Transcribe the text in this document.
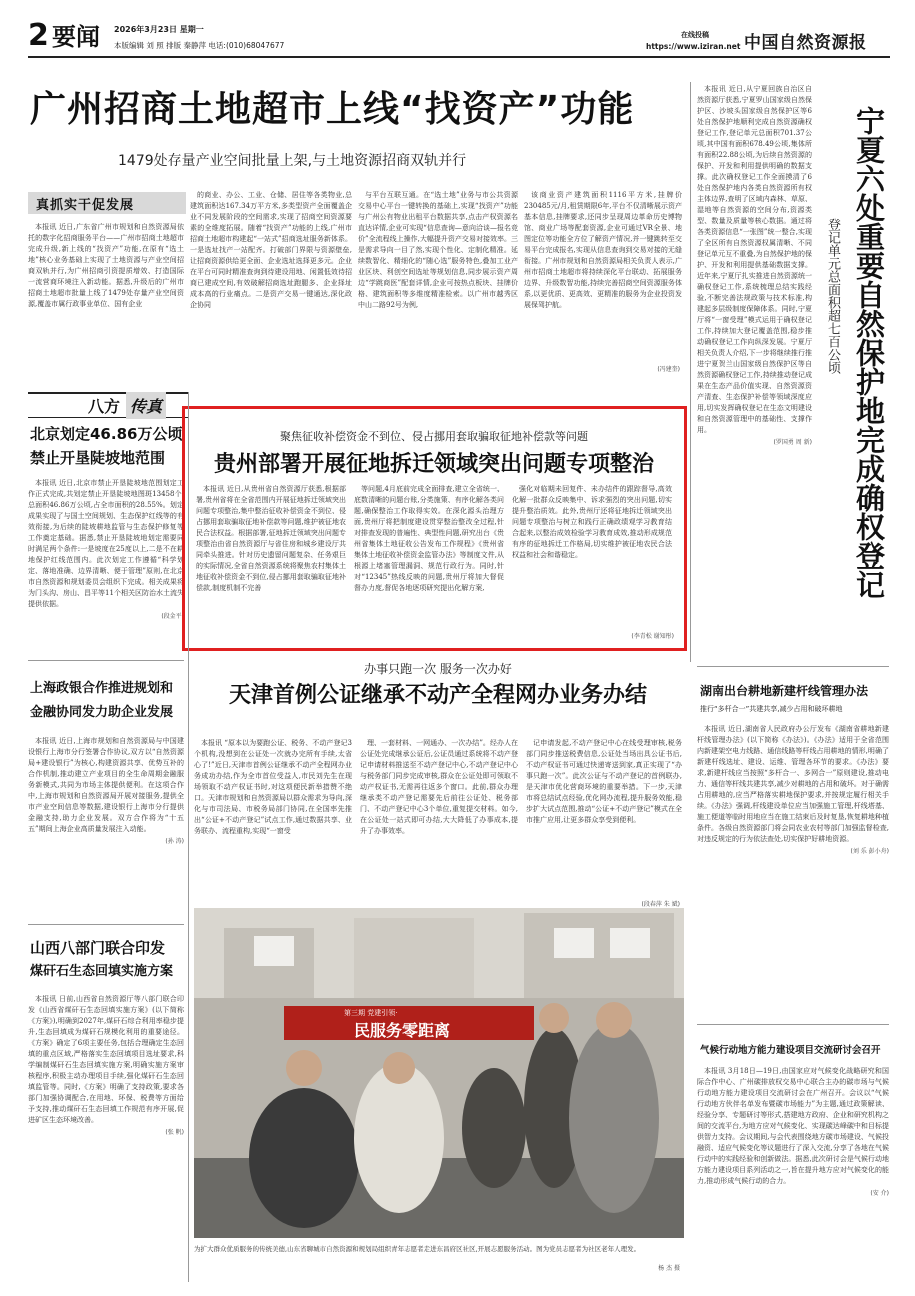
2 要闻 2026年3月23日 星期一
本版编辑 刘 照 排版 秦静萍 电话:(010)68047677
在线投稿
https://www.iziran.net 中国自然资源报
广州招商土地超市上线“找资产”功能
1479处存量产业空间批量上架,与土地资源招商双轨并行
真抓实干促发展

本报讯 近日,广东省广州市规划和自然资源局依托的数字化招商服务平台——广州市招商土地超市完成升级,新上线的“找资产”功能,在原有“选土地”核心业务基础上实现了土地资源与产业空间招商双轨并行,为广州招商引资提质增效、打造国际一流营商环境注入新动能。据悉,升级后的广州市招商土地超市批量上线了1479处存量产业空间资源,覆盖市属行政事业单位、国有企业

的商业、办公、工业、仓储、居住等各类物业,总建筑面积达167.34万平方米,多类型资产全面覆盖企业不同发展阶段的空间需求,实现了招商空间资源要素的全维度拓展。随着“找资产”功能的上线,广州市招商土地超市构建起“一站式”招商选址服务新体系。一是选址找产一站配齐。打破部门界限与资源壁垒,让招商资源供给更全面、企业选址选择更多元。企业在平台可同时精准查询到待建设用地、闲置低效待招商已建成空间,有效破解招商选址跑腿多、企业择址成本高的行业痛点。二是资产交易一键通达,深化政企协同

与平台互联互通。在“选土地”业务与市公共资源交易中心平台一键转换的基础上,实现“找资产”功能与广州公有物业出租平台数据共享,点击产权资源名直达详情,企业可实现“信息查询—意向洽谈—报名竞价”全流程线上操作,大幅提升资产交易对接效率。三是需求导向一目了然,实现个性化、定制化精准。延续数智化、精细化的“随心选”服务特色,叠加工业产业区块、利创空间选址等规划信息,同步展示资产周边“学跳商医”配套详情,企业可按热点板块、挂牌价格、建筑面积等多维度精准检索。以广州市越秀区中山二路92号为例,

该商业资产建筑面积1116平方米,挂牌价230485元/月,租赁期限6年,平台不仅清晰展示资产基本信息,挂牌要求,还同步呈现周边革命历史博物馆、商业广场等配套资源,企业可通过VR全景、地图定位等功能全方位了解资产情况,并一键跳转至交易平台完成报名,实现从信息查询到交易对接的无缝衔接。广州市规划和自然资源局相关负责人表示,广州市招商土地超市将持续深化平台联动、拓展服务边界、升级数智功能,持续完善招商空间资源服务体系,以更优质、更高效、更精准的服务为企业投资发展保驾护航。

(冯建奎)

本报讯 近日,从宁夏回族自治区自然资源厅获悉,宁夏罗山国家级自然保护区、沙坡头国家级自然保护区等6处自然保护地顺利完成自然资源确权登记工作,登记单元总面积701.37公顷,其中国有面积678.49公顷,集体所有面积22.88公顷,为后续自然资源的保护、开发和利用提供明确的数据支撑。此次确权登记工作全面摸清了6处自然保护地内各类自然资源所有权主体边界,查明了区域内森林、草原、湿地等自然资源的空间分布,资源类型、数量及质量等核心数据。通过将各类资源信息“一张图”统一整合,实现了全区所有自然资源权属清晰、不同登记单元互不重叠,为自然保护地的保护、开发和利用提供基础数据支撑。近年来,宁夏厅扎实推进自然资源统一确权登记工作,系统梳理总结实践经验,不断完善法规政策与技术标准,构建起多层级制度保障体系。同时,宁夏厅将“一窗受理”模式运用于确权登记工作,持续加大登记覆盖范围,稳步推动确权登记工作向纵深发展。宁夏厅相关负责人介绍,下一步将继续推行推进宁夏贺兰山国家级自然保护区等自然资源确权登记工作,持续推动登记成果在生态产品价值实现、自然资源资产清查、生态保护补偿等领域深度应用,切实发挥确权登记在生态文明建设和自然资源管理中的基础性、支撑作用。

(罗国勇 周 新) 宁夏六处重要自然保护地完成确权登记
登记单元总面积超七百公顷
八方 传真
北京划定46.86万公顷
禁止开垦陡坡地范围

本报讯 近日,北京市禁止开垦陡坡地范围划定工作正式完成,共划定禁止开垦陡坡地图斑13458个,总面积46.86万公顷,占全市面积的28.55%。划定成果实现了与国土空间规划、生态保护红线等的有效衔接,为后续的陡坡耕地监管与生态保护修复等工作奠定基础。据悉,禁止开垦陡坡地划定需要同时满足两个条件:一是坡度在25度以上,二是不在耕地保护红线范围内。此次划定工作遵循“科学划定、落地准确、边界清晰、便于管理”原则,在北京市自然资源和规划委员会组织下完成。相关成果将为门头沟、房山、昌平等11个相关区防治水土流失提供依据。

(段金平)
上海政银合作推进规划和
金融协同发力助企业发展

本报讯 近日,上海市规划和自然资源局与中国建设银行上海市分行签署合作协议,双方以“自然资源局+建设银行”为核心,构建资源共享、优势互补的合作机制,推动建立产业项目的全生命周期金融服务新模式,共同为市场主体提供便利。在这项合作中,上海市规划和自然资源局开展对接服务,提供全市产业空间信息等数据,建设银行上海市分行提供金融支持,助力企业发展。双方合作将为“十五五”期间上海企业高质量发展注入动能。

(孙 涛)
山西八部门联合印发
煤矸石生态回填实施方案

本报讯 日前,山西省自然资源厅等八部门联合印发《山西省煤矸石生态回填实施方案》(以下简称《方案》),明确到2027年,煤矸石综合利用率稳步提升,生态回填成为煤矸石规模化利用的重要途径。《方案》确定了6项主要任务,包括合理确定生态回填的重点区域,严格落实生态回填项目选址要求,科学编制煤矸石生态回填实施方案,明确实施方案审核程序,积极主动办理项目手续,强化煤矸石生态回填监管等。同时,《方案》明确了支持政策,要求各部门加强协调配合,在用地、环保、税费等方面给予支持,推动煤矸石生态回填工作规范有序开展,促进矿区生态环境改善。

(张 帆)
聚焦征收补偿资金不到位、侵占挪用套取骗取征地补偿款等问题
贵州部署开展征地拆迁领域突出问题专项整治

本报讯 近日,从贵州省自然资源厅获悉,根据部署,贵州省将在全省范围内开展征地拆迁领域突出问题专项整治,集中整治征收补偿资金不到位、侵占挪用套取骗取征地补偿款等问题,维护被征地农民合法权益。根据部署,征地拆迁领域突出问题专项整治由省自然资源厅与省住房和城乡建设厅共同牵头推进。针对历史遗留问题复杂、任务艰巨的实际情况,全省自然资源系统将聚焦农村集体土地征收补偿资金不到位,侵占挪用套取骗取征地补偿款,制度机制不完善

等问题,4月底前完成全面排查,建立全省统一、底数清晰的问题台账,分类施策、有序化解各类问题,确保整治工作取得实效。在深化源头治理方面,贵州厅将把制度建设贯穿整治整改全过程,针对排查发现的普遍性、典型性问题,研究出台《贵州省集体土地征收公告发布工作规程》《贵州省集体土地征收补偿资金监管办法》等制度文件,从根源上堵塞管理漏洞、规范行政行为。同时,针对“12345”热线反映的问题,贵州厅将加大督促督办力度,督促各地逐项研究提出化解方案,

强化对临期未回复件、未办结件的跟踪督导,高效化解一批群众反映集中、诉求强烈的突出问题,切实提升整治质效。此外,贵州厅还将征地拆迁领域突出问题专项整治与树立和践行正确政绩观学习教育结合起来,以整治成效检验学习教育成效,推动形成规范有序的征地拆迁工作格局,切实维护被征地农民合法权益和社会和谐稳定。

(李青松 谢知彤)
办事只跑一次 服务一次办好
天津首例公证继承不动产全程网办业务办结

本报讯 “原本以为要跑公证、税务、不动产登记3个机构,没想到在公证处一次就办完所有手续,太省心了!”近日,天津市首例公证继承不动产全程网办业务成功办结,作为全市首位受益人,市民刘先生在现场领取不动产权证书时,对这项便民新举措赞不绝口。天津市规划和自然资源局以群众需求为导向,深化与市司法局、市税务局部门协同,在全国率先推出“公证+不动产登记”试点工作,通过数据共享、业务联办、流程重构,实现“一窗受

理、一套材料、一网通办、一次办结”。经办人在公证处完成继承公证后,公证员通过系统将不动产登记申请材料推送至不动产登记中心,不动产登记中心与税务部门同步完成审核,群众在公证处即可领取不动产权证书,无需再往返多个窗口。此前,群众办理继承类不动产登记需要先后前往公证处、税务部门、不动产登记中心3个单位,重复提交材料。如今,在公证处一站式即可办结,大大降低了办事成本,提升了办事效率。

记申请发起,不动产登记中心在线受理审核,税务部门同步推送税费信息,公证处当场出具公证书后,不动产权证书可通过快递寄送到家,真正实现了“办事只跑一次”。此次公证与不动产登记的首例联办,是天津市优化营商环境的重要举措。下一步,天津市将总结试点经验,优化网办流程,提升服务效能,稳步扩大试点范围,推动“公证+不动产登记”模式在全市推广应用,让更多群众享受到便利。

(段春萍 朱 斌)
第三期 党建引领·
民服务零距离

为扩大群众优质服务的传统美德,山东省聊城市自然资源和规划局组织青年志愿者走进东昌府区社区,开展志愿服务活动。图为党员志愿者为社区老年人理发。

杨 杰 摄
湖南出台耕地新建杆线管理办法
推行“多杆合一”共建共享,减少占用和破坏耕地

本报讯 近日,湖南省人民政府办公厅发布《湖南省耕地新建杆线管理办法》(以下简称《办法》)。《办法》适用于全省范围内新建架空电力线路、通信线路等杆线占用耕地的情形,明确了新建杆线选址、建设、运维、管理各环节的要求。《办法》要求,新建杆线应当按照“多杆合一、多网合一”原则建设,推动电力、通信等杆线共建共享,减少对耕地的占用和破坏。对于确需占用耕地的,应当严格落实耕地保护要求,并按规定履行相关手续。《办法》强调,杆线建设单位应当加强施工管理,杆线塔基、施工便道等临时用地应当在施工结束后及时复垦,恢复耕地种植条件。各级自然资源部门将会同农业农村等部门加强监督检查,对违反规定的行为依法查处,切实保护好耕地资源。

(刘 乐 彭小舟)
气候行动地方能力建设项目交流研讨会召开

本报讯 3月18日—19日,由国家应对气候变化战略研究和国际合作中心、广州碳排放权交易中心联合主办的碳市场与气候行动地方能力建设项目交流研讨会在广州召开。会议以“气候行动地方伙伴名单发布暨碳市场能力”为主题,通过政策解读、经验分享、专题研讨等形式,搭建地方政府、企业和研究机构之间的交流平台,为地方应对气候变化、实现碳达峰碳中和目标提供智力支持。会议期间,与会代表围绕地方碳市场建设、气候投融资、适应气候变化等议题进行了深入交流,分享了各地在气候行动中的实践经验和创新做法。据悉,此次研讨会是气候行动地方能力建设项目系列活动之一,旨在提升地方应对气候变化的能力,推动形成气候行动的合力。

(安 介)
